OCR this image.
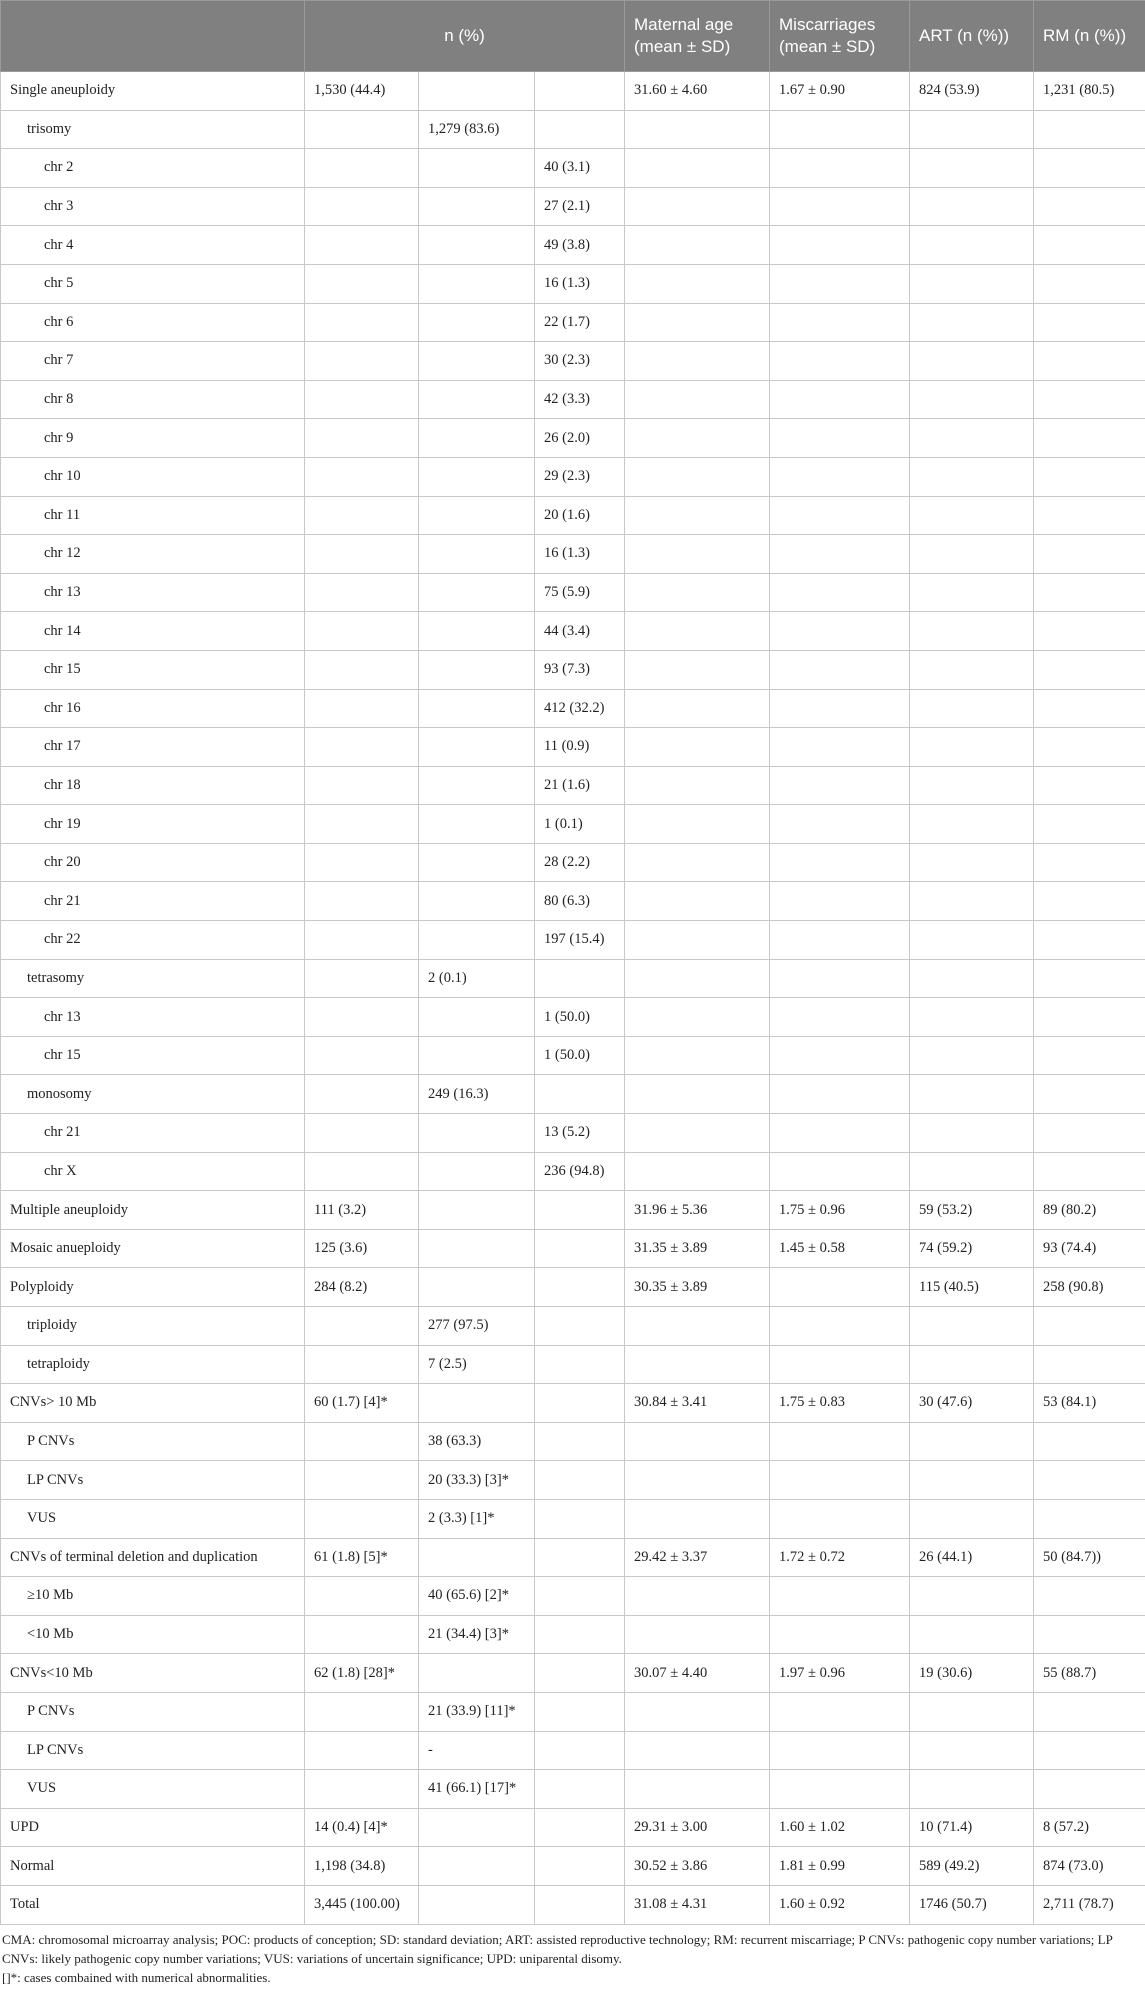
	n (%)			Maternal age (mean ± SD)	Miscarriages (mean ± SD)	ART (n (%))	RM (n (%))
Single aneuploidy	1,530 (44.4)			31.60 ± 4.60	1.67 ± 0.90	824 (53.9)	1,231 (80.5)
trisomy		1,279 (83.6)					
chr 2			40 (3.1)				
chr 3			27 (2.1)				
chr 4			49 (3.8)				
chr 5			16 (1.3)				
chr 6			22 (1.7)				
chr 7			30 (2.3)				
chr 8			42 (3.3)				
chr 9			26 (2.0)				
chr 10			29 (2.3)				
chr 11			20 (1.6)				
chr 12			16 (1.3)				
chr 13			75 (5.9)				
chr 14			44 (3.4)				
chr 15			93 (7.3)				
chr 16			412 (32.2)				
chr 17			11 (0.9)				
chr 18			21 (1.6)				
chr 19			1 (0.1)				
chr 20			28 (2.2)				
chr 21			80 (6.3)				
chr 22			197 (15.4)				
tetrasomy		2 (0.1)					
chr 13			1 (50.0)				
chr 15			1 (50.0)				
monosomy		249 (16.3)					
chr 21			13 (5.2)				
chr X			236 (94.8)				
Multiple aneuploidy	111 (3.2)			31.96 ± 5.36	1.75 ± 0.96	59 (53.2)	89 (80.2)
Mosaic anueploidy	125 (3.6)			31.35 ± 3.89	1.45 ± 0.58	74 (59.2)	93 (74.4)
Polyploidy	284 (8.2)			30.35 ± 3.89		115 (40.5)	258 (90.8)
triploidy		277 (97.5)					
tetraploidy		7 (2.5)					
CNVs> 10 Mb	60 (1.7) [4]*			30.84 ± 3.41	1.75 ± 0.83	30 (47.6)	53 (84.1)
P CNVs		38 (63.3)					
LP CNVs		20 (33.3) [3]*					
VUS		2 (3.3) [1]*					
CNVs of terminal deletion and duplication	61 (1.8) [5]*			29.42 ± 3.37	1.72 ± 0.72	26 (44.1)	50 (84.7))
≥10 Mb		40 (65.6) [2]*					
<10 Mb		21 (34.4) [3]*					
CNVs<10 Mb	62 (1.8) [28]*			30.07 ± 4.40	1.97 ± 0.96	19 (30.6)	55 (88.7)
P CNVs		21 (33.9) [11]*					
LP CNVs		-					
VUS		41 (66.1) [17]*					
UPD	14 (0.4) [4]*			29.31 ± 3.00	1.60 ± 1.02	10 (71.4)	8 (57.2)
Normal	1,198 (34.8)			30.52 ± 3.86	1.81 ± 0.99	589 (49.2)	874 (73.0)
Total	3,445 (100.00)			31.08 ± 4.31	1.60 ± 0.92	1746 (50.7)	2,711 (78.7)

CMA: chromosomal microarray analysis; POC: products of conception; SD: standard deviation; ART: assisted reproductive technology; RM: recurrent miscarriage; P CNVs: pathogenic copy number variations; LP CNVs: likely pathogenic copy number variations; VUS: variations of uncertain significance; UPD: uniparental disomy.

[]*: cases combained with numerical abnormalities.
